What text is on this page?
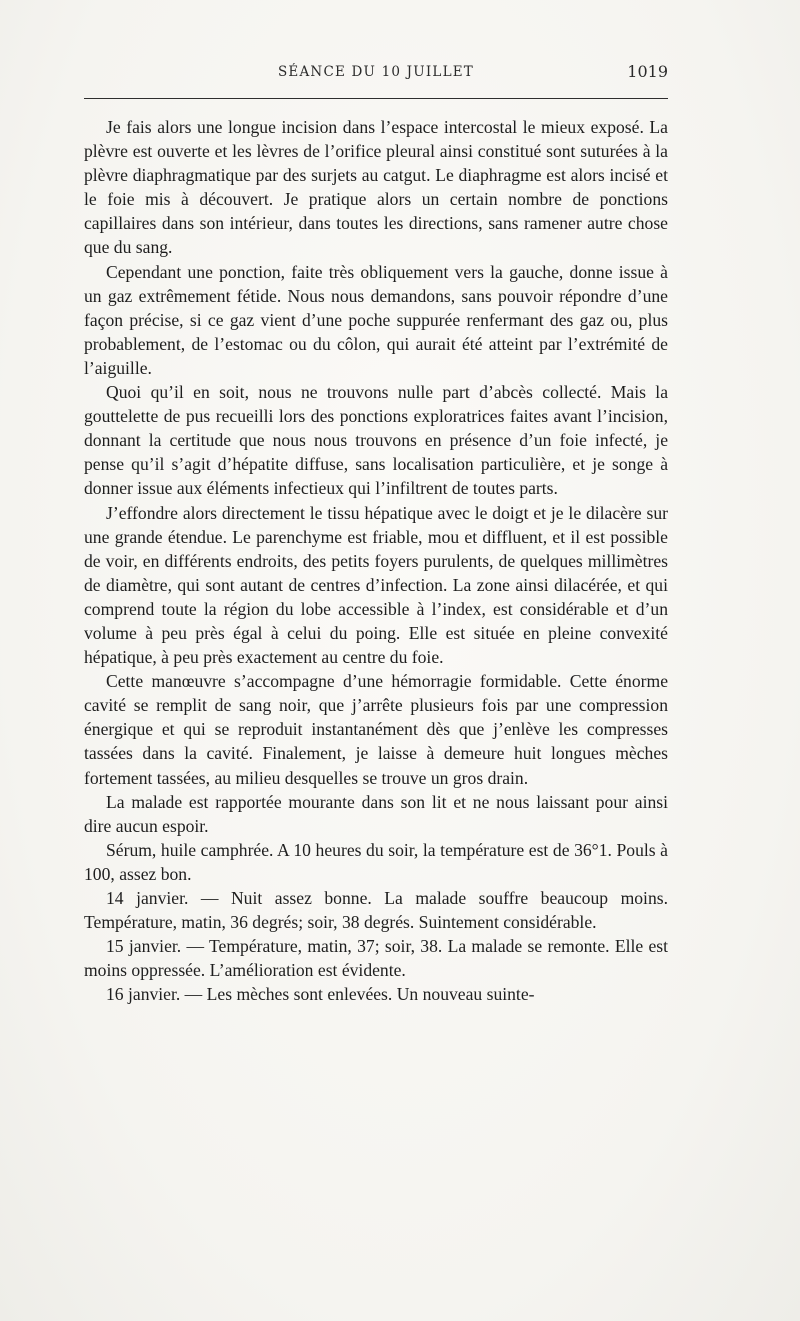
SÉANCE DU 10 JUILLET	1019

Je fais alors une longue incision dans l’espace intercostal le mieux exposé. La plèvre est ouverte et les lèvres de l’orifice pleural ainsi constitué sont suturées à la plèvre diaphragmatique par des surjets au catgut. Le diaphragme est alors incisé et le foie mis à découvert. Je pratique alors un certain nombre de ponctions capillaires dans son intérieur, dans toutes les directions, sans ramener autre chose que du sang.

Cependant une ponction, faite très obliquement vers la gauche, donne issue à un gaz extrêmement fétide. Nous nous demandons, sans pouvoir répondre d’une façon précise, si ce gaz vient d’une poche suppurée renfermant des gaz ou, plus probablement, de l’estomac ou du côlon, qui aurait été atteint par l’extrémité de l’aiguille.

Quoi qu’il en soit, nous ne trouvons nulle part d’abcès collecté. Mais la gouttelette de pus recueilli lors des ponctions exploratrices faites avant l’incision, donnant la certitude que nous nous trouvons en présence d’un foie infecté, je pense qu’il s’agit d’hépatite diffuse, sans localisation particulière, et je songe à donner issue aux éléments infectieux qui l’infiltrent de toutes parts.

J’effondre alors directement le tissu hépatique avec le doigt et je le dilacère sur une grande étendue. Le parenchyme est friable, mou et diffluent, et il est possible de voir, en différents endroits, des petits foyers purulents, de quelques millimètres de diamètre, qui sont autant de centres d’infection. La zone ainsi dilacérée, et qui comprend toute la région du lobe accessible à l’index, est considérable et d’un volume à peu près égal à celui du poing. Elle est située en pleine convexité hépatique, à peu près exactement au centre du foie.

Cette manœuvre s’accompagne d’une hémorragie formidable. Cette énorme cavité se remplit de sang noir, que j’arrête plusieurs fois par une compression énergique et qui se reproduit instantanément dès que j’enlève les compresses tassées dans la cavité. Finalement, je laisse à demeure huit longues mèches fortement tassées, au milieu desquelles se trouve un gros drain.

La malade est rapportée mourante dans son lit et ne nous laissant pour ainsi dire aucun espoir.

Sérum, huile camphrée. A 10 heures du soir, la température est de 36°1. Pouls à 100, assez bon.

14 janvier. — Nuit assez bonne. La malade souffre beaucoup moins. Température, matin, 36 degrés; soir, 38 degrés. Suintement considérable.

15 janvier. — Température, matin, 37; soir, 38. La malade se remonte. Elle est moins oppressée. L’amélioration est évidente.

16 janvier. — Les mèches sont enlevées. Un nouveau suinte-
